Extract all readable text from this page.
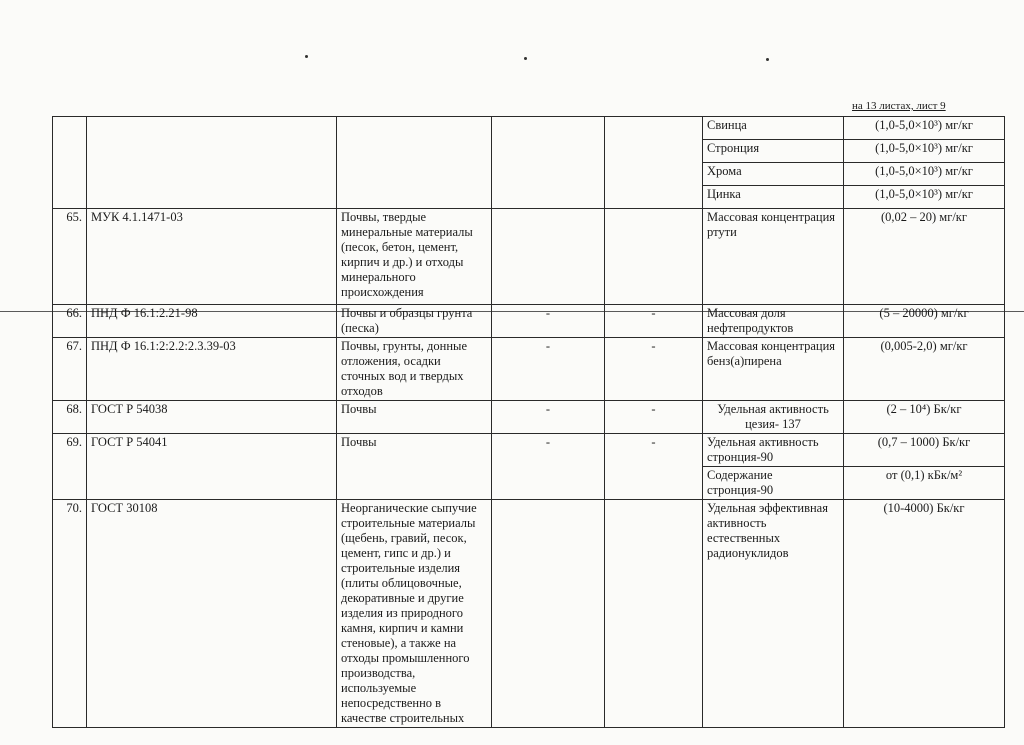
на 13 листах, лист 9
					Свинца	(1,0-5,0×10³) мг/кг
					Стронция	(1,0-5,0×10³) мг/кг
					Хрома	(1,0-5,0×10³) мг/кг
					Цинка	(1,0-5,0×10³) мг/кг
65.	МУК 4.1.1471-03	Почвы, твердые минеральные материалы (песок, бетон, цемент, кирпич и др.) и отходы минерального происхождения			Массовая концентрация ртути	(0,02 – 20) мг/кг
66.	ПНД Ф 16.1:2.21-98	Почвы и образцы грунта (песка)	-	-	Массовая доля нефтепродуктов	(5 – 20000) мг/кг
67.	ПНД Ф 16.1:2:2.2:2.3.39-03	Почвы, грунты, донные отложения, осадки сточных вод и твердых отходов	-	-	Массовая концентрация бенз(а)пирена	(0,005-2,0) мг/кг
68.	ГОСТ Р 54038	Почвы	-	-	Удельная активность цезия- 137	(2 – 10⁴) Бк/кг
69.	ГОСТ Р 54041	Почвы	-	-	Удельная активность стронция-90	(0,7 – 1000) Бк/кг
					Содержание стронция-90	от (0,1) кБк/м²
70.	ГОСТ 30108	Неорганические сыпучие строительные материалы (щебень, гравий, песок, цемент, гипс и др.) и строительные изделия (плиты облицовочные, декоративные и другие изделия из природного камня, кирпич и камни стеновые), а также на отходы промышленного производства, используемые непосредственно в качестве строительных			Удельная эффективная активность естественных радионуклидов	(10-4000) Бк/кг
